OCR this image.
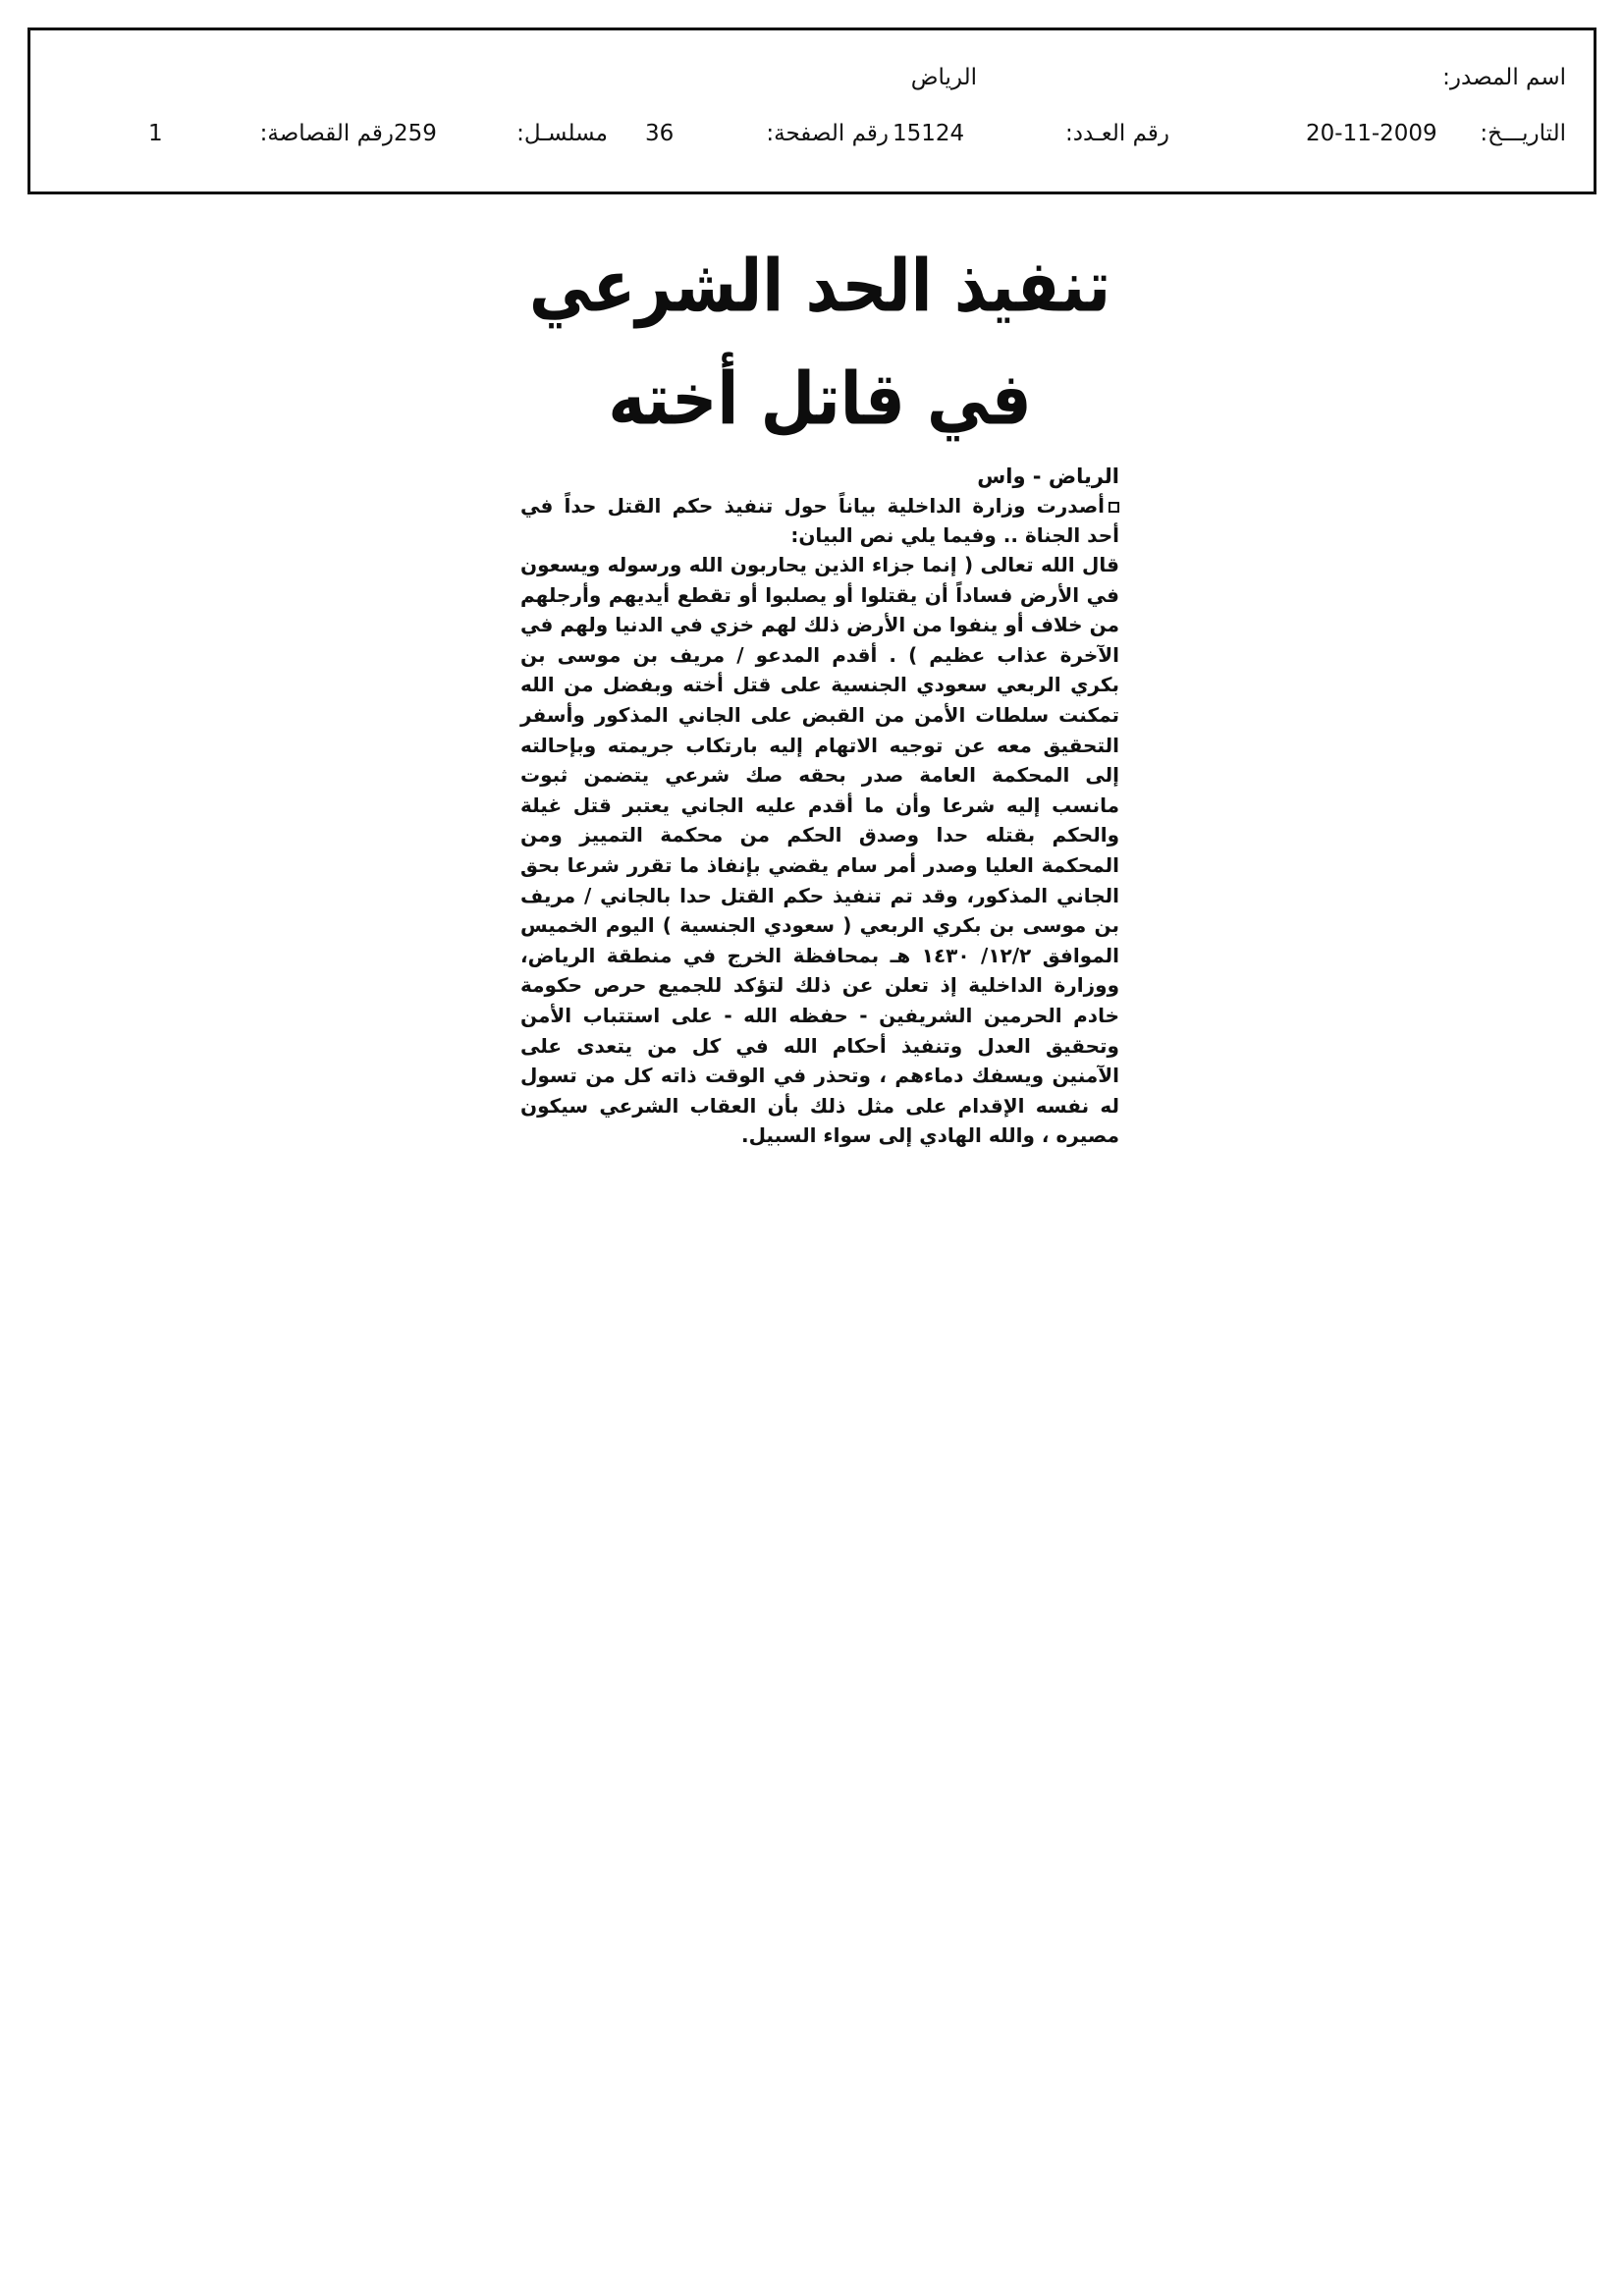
اسم المصدر:
الرياض
التاريـــخ:
20-11-2009
رقم العـدد:
15124
رقم الصفحة:
36
مسلسـل:
259
رقم القصاصة:
1
تنفيذ الحد الشرعي في قاتل أخته

الرياض - واس

أصدرت وزارة الداخلية بياناً حول تنفيذ حكم القتل حداً في أحد الجناة .. وفيما يلي نص البيان:

قال الله تعالى ( إنما جزاء الذين يحاربون الله ورسوله ويسعون في الأرض فساداً أن يقتلوا أو يصلبوا أو تقطع أيديهم وأرجلهم من خلاف أو ينفوا من الأرض ذلك لهم خزي في الدنيا ولهم في الآخرة عذاب عظيم ) . أقدم المدعو / مريف بن موسى بن بكري الربعي سعودي الجنسية على قتل أخته وبفضل من الله تمكنت سلطات الأمن من القبض على الجاني المذكور وأسفر التحقيق معه عن توجيه الاتهام إليه بارتكاب جريمته وبإحالته إلى المحكمة العامة صدر بحقه صك شرعي يتضمن ثبوت مانسب إليه شرعا وأن ما أقدم عليه الجاني يعتبر قتل غيلة والحكم بقتله حدا وصدق الحكم من محكمة التمييز ومن المحكمة العليا وصدر أمر سام يقضي بإنفاذ ما تقرر شرعا بحق الجاني المذكور، وقد تم تنفيذ حكم القتل حدا بالجاني / مريف بن موسى بن بكري الربعي ( سعودي الجنسية ) اليوم الخميس الموافق ١٢/٢/ ١٤٣٠ هـ بمحافظة الخرج في منطقة الرياض، ووزارة الداخلية إذ تعلن عن ذلك لتؤكد للجميع حرص حكومة خادم الحرمين الشريفين - حفظه الله - على استتباب الأمن وتحقيق العدل وتنفيذ أحكام الله في كل من يتعدى على الآمنين ويسفك دماءهم ، وتحذر في الوقت ذاته كل من تسول له نفسه الإقدام على مثل ذلك بأن العقاب الشرعي سيكون مصيره ، والله الهادي إلى سواء السبيل.
